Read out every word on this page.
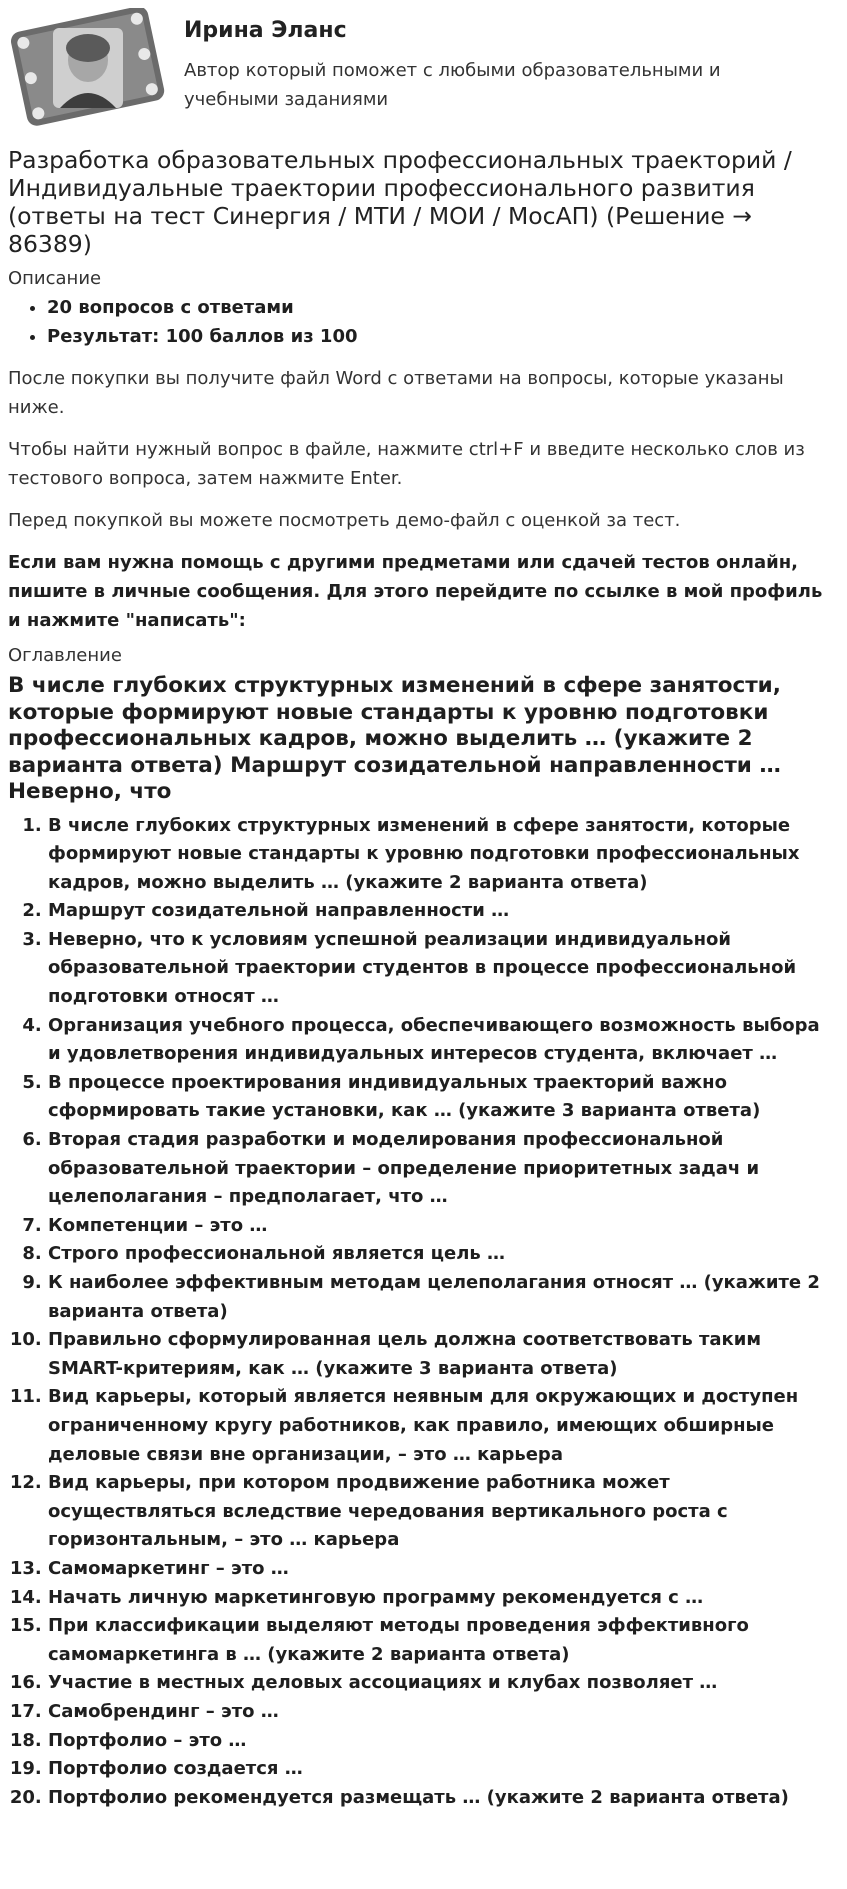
Ирина Эланс
Автор который поможет с любыми образовательными и учебными заданиями
Разработка образовательных профессиональных траекторий / Индивидуальные траектории профессионального развития (ответы на тест Синергия / МТИ / МОИ / МосАП) (Решение → 86389)
Описание
• 20 вопросов с ответами
• Результат: 100 баллов из 100

После покупки вы получите файл Word с ответами на вопросы, которые указаны ниже.

Чтобы найти нужный вопрос в файле, нажмите ctrl+F и введите несколько слов из тестового вопроса, затем нажмите Enter.

Перед покупкой вы можете посмотреть демо-файл с оценкой за тест.

Если вам нужна помощь с другими предметами или сдачей тестов онлайн, пишите в личные сообщения. Для этого перейдите по ссылке в мой профиль и нажмите "написать":

Оглавление
В числе глубоких структурных изменений в сфере занятости, которые формируют новые стандарты к уровню подготовки профессиональных кадров, можно выделить … (укажите 2 варианта ответа) Маршрут созидательной направленности … Неверно, что
1. В числе глубоких структурных изменений в сфере занятости, которые формируют новые стандарты к уровню подготовки профессиональных кадров, можно выделить … (укажите 2 варианта ответа)
2. Маршрут созидательной направленности …
3. Неверно, что к условиям успешной реализации индивидуальной образовательной траектории студентов в процессе профессиональной подготовки относят …
4. Организация учебного процесса, обеспечивающего возможность выбора и удовлетворения индивидуальных интересов студента, включает …
5. В процессе проектирования индивидуальных траекторий важно сформировать такие установки, как … (укажите 3 варианта ответа)
6. Вторая стадия разработки и моделирования профессиональной образовательной траектории – определение приоритетных задач и целеполагания – предполагает, что …
7. Компетенции – это …
8. Строго профессиональной является цель …
9. К наиболее эффективным методам целеполагания относят … (укажите 2 варианта ответа)
10. Правильно сформулированная цель должна соответствовать таким SMART-критериям, как … (укажите 3 варианта ответа)
11. Вид карьеры, который является неявным для окружающих и доступен ограниченному кругу работников, как правило, имеющих обширные деловые связи вне организации, – это … карьера
12. Вид карьеры, при котором продвижение работника может осуществляться вследствие чередования вертикального роста с горизонтальным, – это … карьера
13. Самомаркетинг – это …
14. Начать личную маркетинговую программу рекомендуется с …
15. При классификации выделяют методы проведения эффективного самомаркетинга в … (укажите 2 варианта ответа)
16. Участие в местных деловых ассоциациях и клубах позволяет …
17. Самобрендинг – это …
18. Портфолио – это …
19. Портфолио создается …
20. Портфолио рекомендуется размещать … (укажите 2 варианта ответа)
